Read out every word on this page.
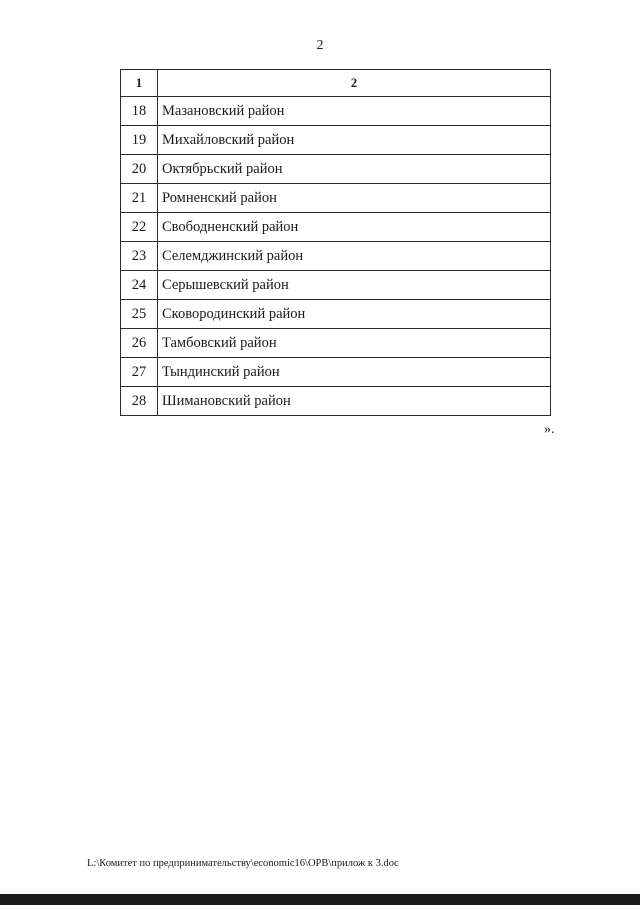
2
1	2
18	Мазановский район
19	Михайловский район
20	Октябрьский район
21	Ромненский район
22	Свободненский район
23	Селемджинский район
24	Серышевский район
25	Сковородинский район
26	Тамбовский район
27	Тындинский район
28	Шимановский район
».
L:\Комитет по предпринимательству\economic16\ОРВ\прилож к 3.doc
